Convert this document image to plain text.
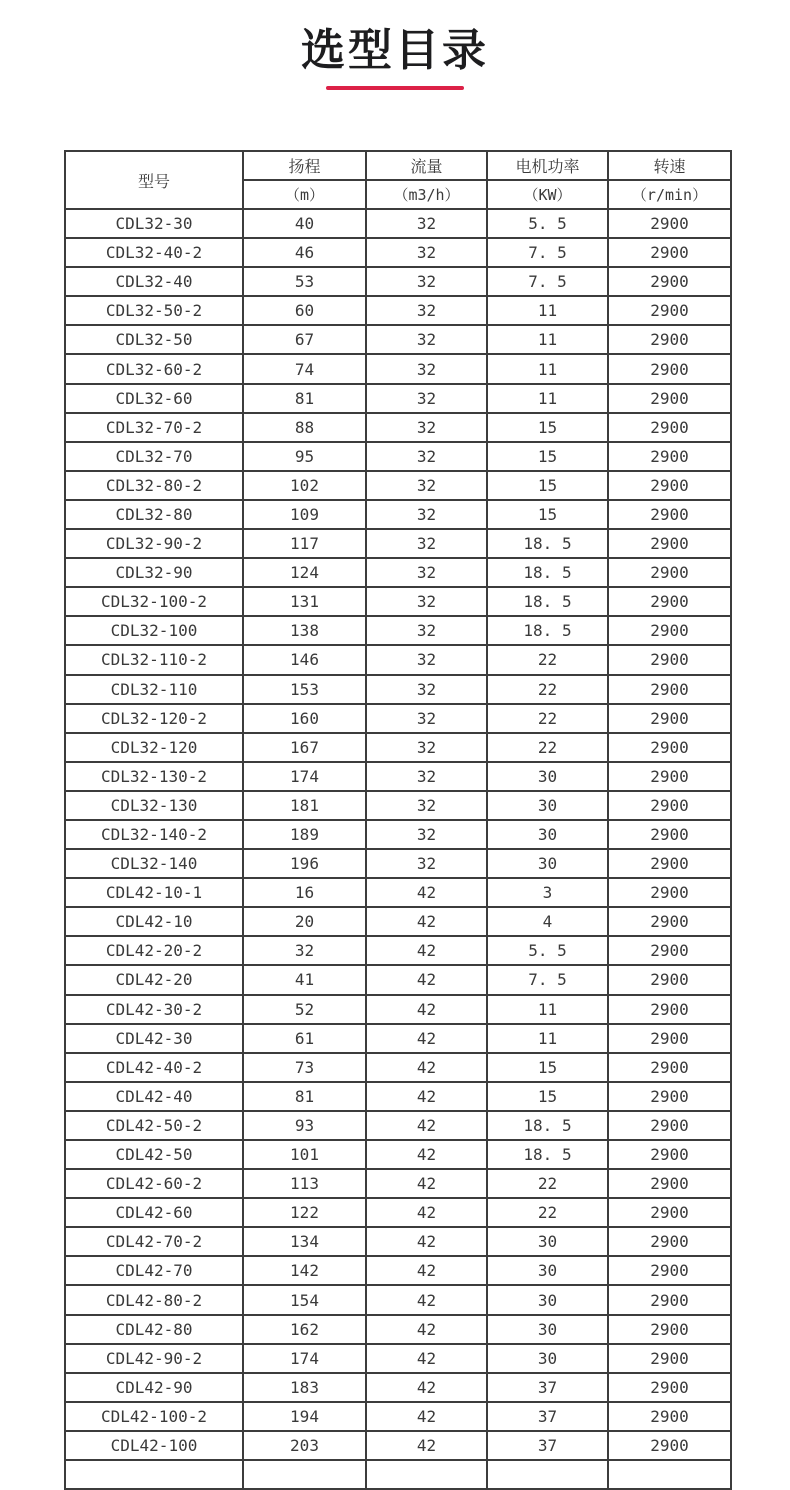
选型目录
型号	扬程	流量	电机功率	转速
	（m）	（m3/h）	（KW）	（r/min）
CDL32-30	40	32	5. 5	2900
CDL32-40-2	46	32	7. 5	2900
CDL32-40	53	32	7. 5	2900
CDL32-50-2	60	32	11	2900
CDL32-50	67	32	11	2900
CDL32-60-2	74	32	11	2900
CDL32-60	81	32	11	2900
CDL32-70-2	88	32	15	2900
CDL32-70	95	32	15	2900
CDL32-80-2	102	32	15	2900
CDL32-80	109	32	15	2900
CDL32-90-2	117	32	18. 5	2900
CDL32-90	124	32	18. 5	2900
CDL32-100-2	131	32	18. 5	2900
CDL32-100	138	32	18. 5	2900
CDL32-110-2	146	32	22	2900
CDL32-110	153	32	22	2900
CDL32-120-2	160	32	22	2900
CDL32-120	167	32	22	2900
CDL32-130-2	174	32	30	2900
CDL32-130	181	32	30	2900
CDL32-140-2	189	32	30	2900
CDL32-140	196	32	30	2900
CDL42-10-1	16	42	3	2900
CDL42-10	20	42	4	2900
CDL42-20-2	32	42	5. 5	2900
CDL42-20	41	42	7. 5	2900
CDL42-30-2	52	42	11	2900
CDL42-30	61	42	11	2900
CDL42-40-2	73	42	15	2900
CDL42-40	81	42	15	2900
CDL42-50-2	93	42	18. 5	2900
CDL42-50	101	42	18. 5	2900
CDL42-60-2	113	42	22	2900
CDL42-60	122	42	22	2900
CDL42-70-2	134	42	30	2900
CDL42-70	142	42	30	2900
CDL42-80-2	154	42	30	2900
CDL42-80	162	42	30	2900
CDL42-90-2	174	42	30	2900
CDL42-90	183	42	37	2900
CDL42-100-2	194	42	37	2900
CDL42-100	203	42	37	2900
